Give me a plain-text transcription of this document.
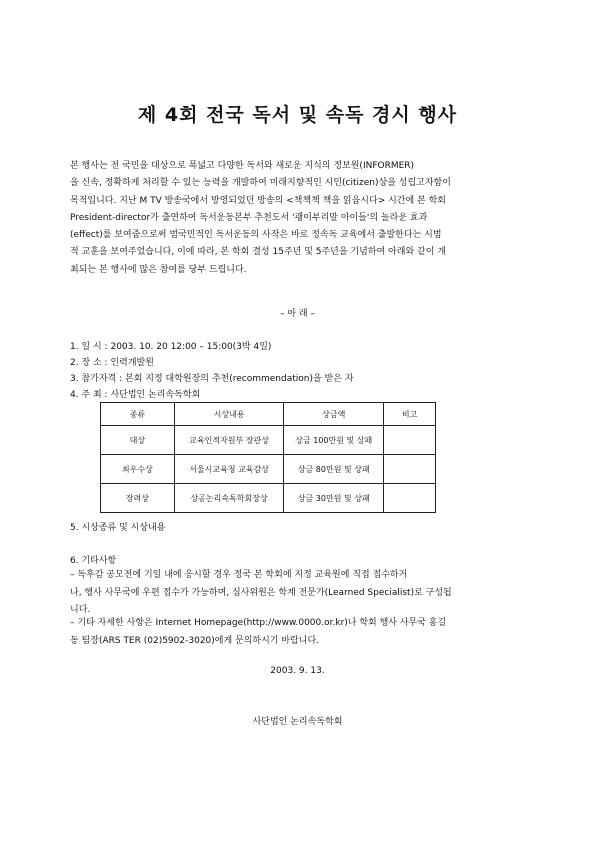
제 4회 전국 독서 및 속독 경시 행사
본 행사는 전 국민을 대상으로 폭넓고 다양한 독서와 새로운 지식의 정보원(INFORMER)
을 신속, 정확하게 처리할 수 있는 능력을 개발하여 미래지향적인 시민(citizen)상을 성립고자함이
목적입니다. 지난 M TV 방송국에서 방영되었던 방송의 <책책책 책을 읽읍시다> 시간에 본 학회
President-director가 출연하여 독서운동본부 추천도서 '괭이부리말 아이들'의 놀라운 효과
(effect)를 보여줌으로써 범국민적인 독서운동의 사작은 바로 정속독 교육에서 출발한다는 시범
적 교훈을 보여주었습니다, 이에 따라, 본 학회 결성 15주년 및 5주년을 기념하여 아래와 같이 개
최되는 본 행사에 많은 참여를 당부 드립니다.
– 아 래 –
1. 일 시 : 2003. 10. 20 12:00 – 15:00(3박 4일)
2. 장 소 : 인력개발원
3. 참가자격 : 본회 지정 대학원장의 추천(recommendation)을 받은 자
4. 주 최 : 사단법인 논리속독학회
종류	시상내용	상금액	비고
대상	교육인적자원부 장관상	상금 100만원 및 상패	
최우수상	서울시교육청 교육감상	상금 80만원 및 상패	
장려상	상공논리속독학회장상	상금 30만원 및 상패	
5. 시상종류 및 시상내용
6. 기타사항
– 독후감 공모전에 기일 내에 응시할 경우 정국 본 학회에 지정 교육원에 직접 접수하거
나, 행사 사무국에 우편 접수가 가능하며, 심사위원은 학계 전문가(Learned Specialist)로 구성됩
니다.
– 기타 자세한 사항은 Internet Homepage(http://www.0000.or.kr)나 학회 행사 사무국 홍길
동 팀장(ARS TER (02)5902-3020)에게 문의하시기 바랍니다.
2003. 9. 13.
사단법인 논리속독학회
